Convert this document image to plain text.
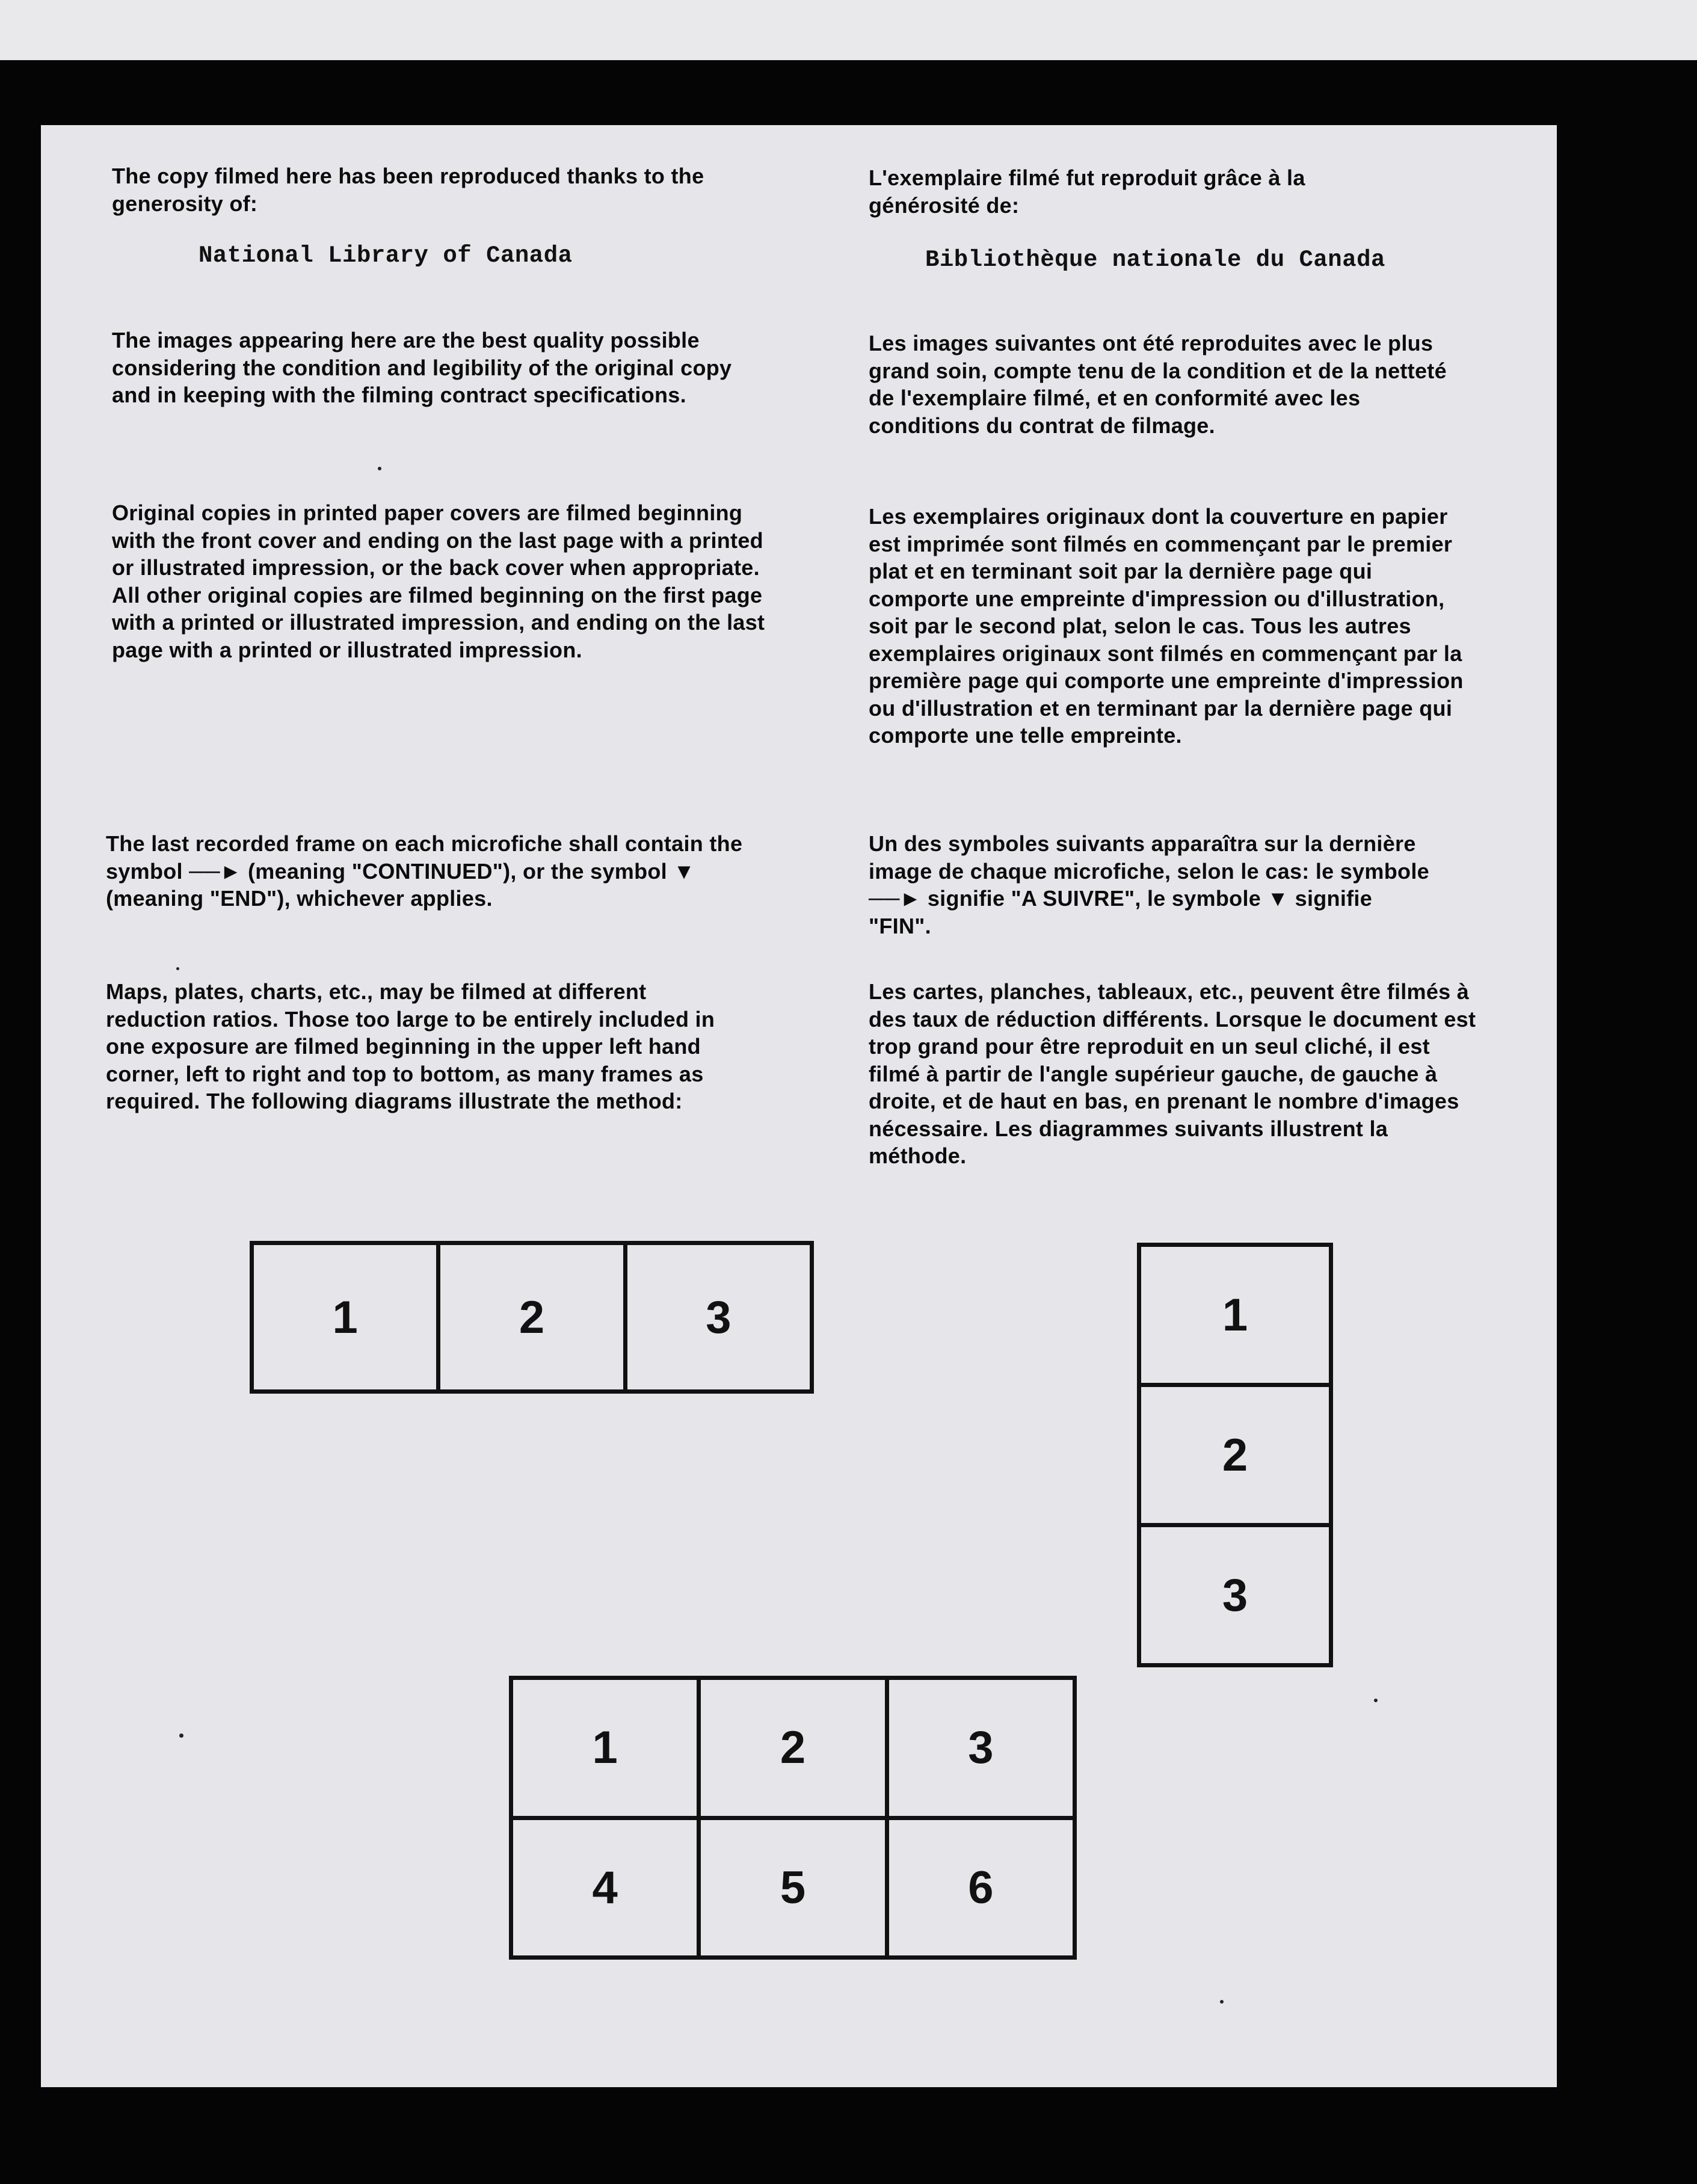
The copy filmed here has been reproduced thanks to the generosity of:

National Library of Canada

The images appearing here are the best quality possible considering the condition and legibility of the original copy and in keeping with the filming contract specifications.

Original copies in printed paper covers are filmed beginning with the front cover and ending on the last page with a printed or illustrated impression, or the back cover when appropriate. All other original copies are filmed beginning on the first page with a printed or illustrated impression, and ending on the last page with a printed or illustrated impression.

The last recorded frame on each microfiche shall contain the symbol ──► (meaning "CONTINUED"), or the symbol ▼ (meaning "END"), whichever applies.

Maps, plates, charts, etc., may be filmed at different reduction ratios. Those too large to be entirely included in one exposure are filmed beginning in the upper left hand corner, left to right and top to bottom, as many frames as required. The following diagrams illustrate the method:

L'exemplaire filmé fut reproduit grâce à la générosité de:

Bibliothèque nationale du Canada

Les images suivantes ont été reproduites avec le plus grand soin, compte tenu de la condition et de la netteté de l'exemplaire filmé, et en conformité avec les conditions du contrat de filmage.

Les exemplaires originaux dont la couverture en papier est imprimée sont filmés en commençant par le premier plat et en terminant soit par la dernière page qui comporte une empreinte d'impression ou d'illustration, soit par le second plat, selon le cas. Tous les autres exemplaires originaux sont filmés en commençant par la première page qui comporte une empreinte d'impression ou d'illustration et en terminant par la dernière page qui comporte une telle empreinte.

Un des symboles suivants apparaîtra sur la dernière image de chaque microfiche, selon le cas: le symbole ──► signifie "A SUIVRE", le symbole ▼ signifie "FIN".

Les cartes, planches, tableaux, etc., peuvent être filmés à des taux de réduction différents. Lorsque le document est trop grand pour être reproduit en un seul cliché, il est filmé à partir de l'angle supérieur gauche, de gauche à droite, et de haut en bas, en prenant le nombre d'images nécessaire. Les diagrammes suivants illustrent la méthode.

1	2	3	1
2
3
1	2	3
4	5	6
